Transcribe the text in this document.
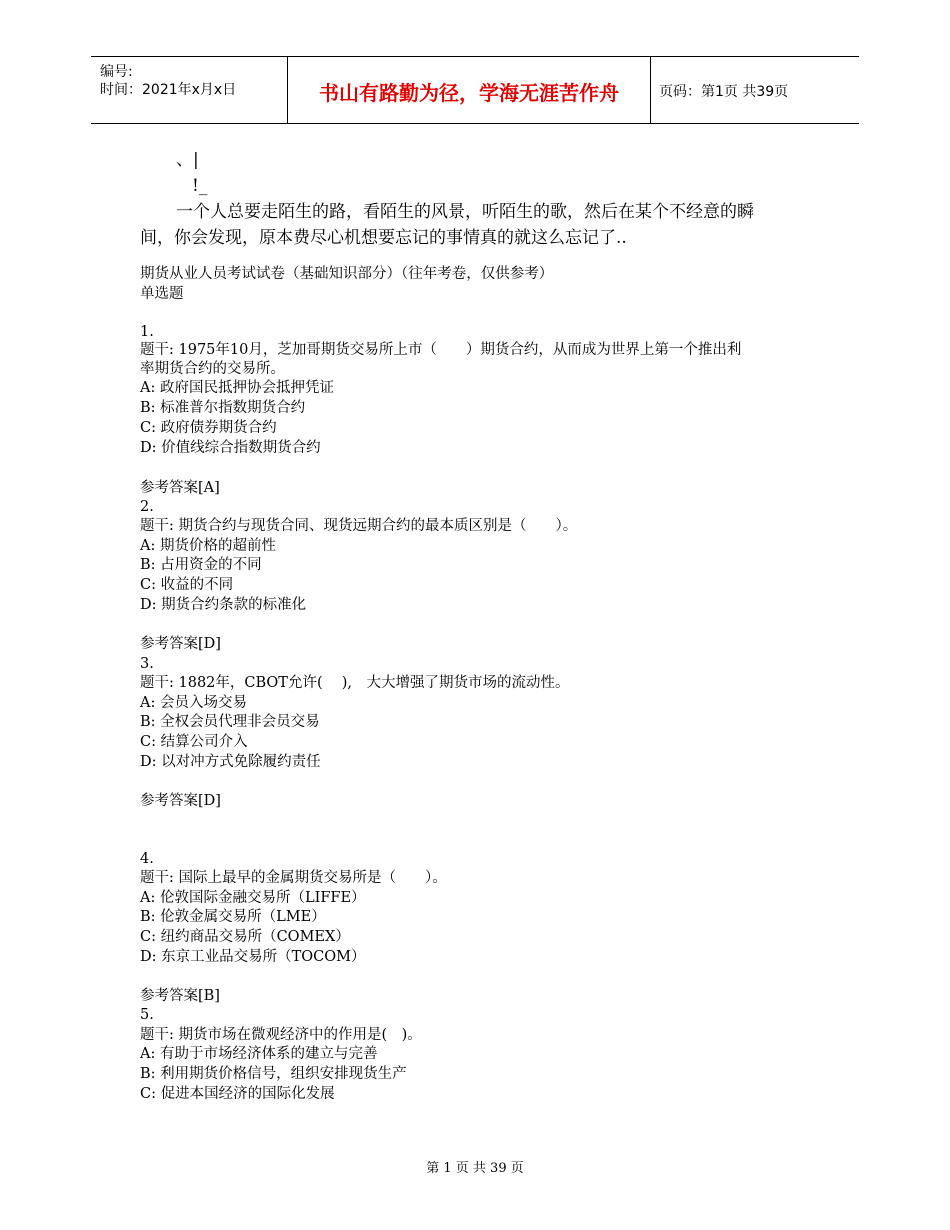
编号:
时间：2021年x月x日	书山有路勤为径，学海无涯苦作舟	页码：第1页 共39页
、|
!_
一个人总要走陌生的路，看陌生的风景，听陌生的歌，然后在某个不经意的瞬
间，你会发现，原本费尽心机想要忘记的事情真的就这么忘记了..
期货从业人员考试试卷（基础知识部分）（往年考卷，仅供参考）
单选题
1.
题干: 1975年10月，芝加哥期货交易所上市（　　）期货合约，从而成为世界上第一个推出利
率期货合约的交易所。
A: 政府国民抵押协会抵押凭证
B: 标准普尔指数期货合约
C: 政府债券期货合约
D: 价值线综合指数期货合约
参考答案[A]
2.
题干: 期货合约与现货合同、现货远期合约的最本质区别是（　　）。
A: 期货价格的超前性
B: 占用资金的不同
C: 收益的不同
D: 期货合约条款的标准化
参考答案[D]
3.
题干: 1882年，CBOT允许(　 ),　大大增强了期货市场的流动性。
A: 会员入场交易
B: 全权会员代理非会员交易
C: 结算公司介入
D: 以对冲方式免除履约责任
参考答案[D]
4.
题干: 国际上最早的金属期货交易所是（　　）。
A: 伦敦国际金融交易所（LIFFE）
B: 伦敦金属交易所（LME）
C: 纽约商品交易所（COMEX）
D: 东京工业品交易所（TOCOM）
参考答案[B]
5.
题干: 期货市场在微观经济中的作用是(　)。
A: 有助于市场经济体系的建立与完善
B: 利用期货价格信号，组织安排现货生产
C: 促进本国经济的国际化发展
第 1 页 共 39 页
